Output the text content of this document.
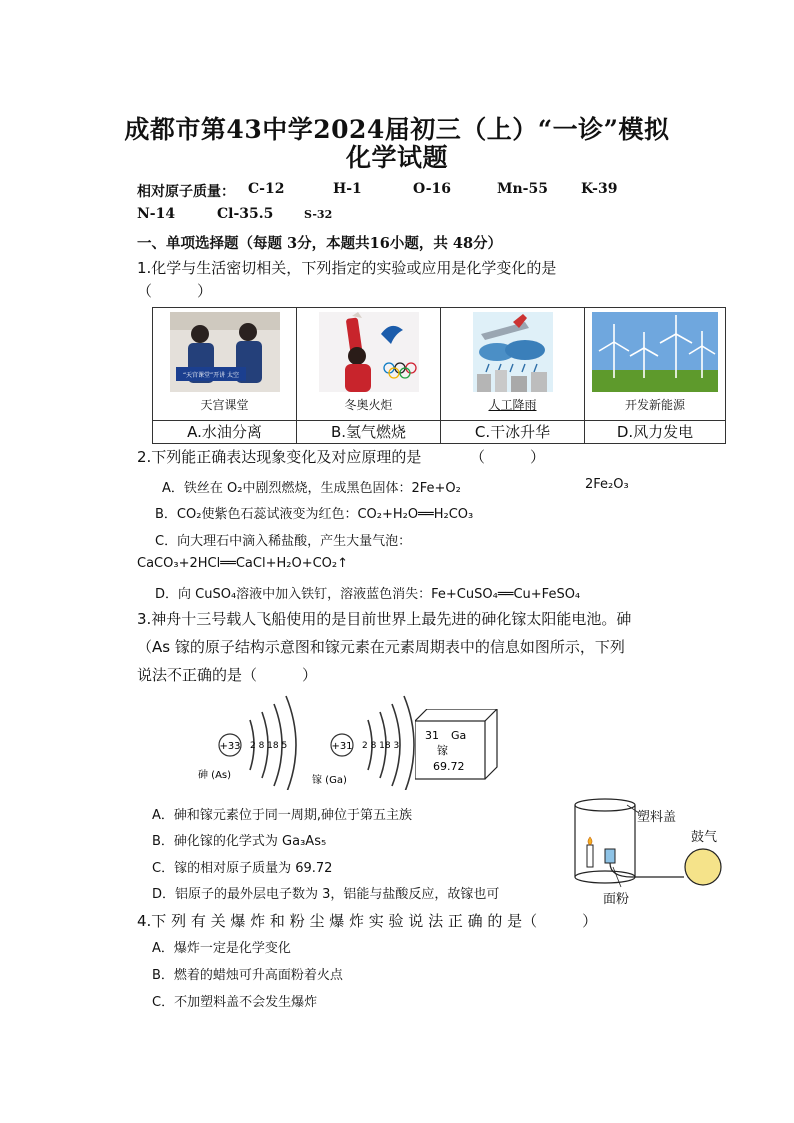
成都市第43中学2024届初三（上）“一诊”模拟
化学试题
相对原子质量： C-12	H-1	O-16	Mn-55 K-39
N-14	Cl-35.5	S-32
一、单项选择题（每题 3分，本题共16小题，共 48分）
1.化学与生活密切相关，下列指定的实验或应用是化学变化的是
（　　　）
“天宫课堂”开讲 太空
天宫课堂	冬奥火炬	人工降雨	开发新能源

A.水油分离	B.氢气燃烧	C.干冰升华	D.风力发电
2.下列能正确表达现象变化及对应原理的是	（　　　）
A．铁丝在 O₂中剧烈燃烧，生成黑色固体：2Fe+O₂	2Fe₂O₃
B．CO₂使紫色石蕊试液变为红色：CO₂+H₂O══H₂CO₃
C．向大理石中滴入稀盐酸，产生大量气泡：
CaCO₃+2HCl══CaCl+H₂O+CO₂↑
D．向 CuSO₄溶液中加入铁钉，溶液蓝色消失：Fe+CuSO₄══Cu+FeSO₄
3.神舟十三号载人飞船使用的是目前世界上最先进的砷化镓太阳能电池。砷
（As 镓的原子结构示意图和镓元素在元素周期表中的信息如图所示，下列
说法不正确的是（　　　）
+33 2 8 18 5
砷 (As)
+31 2 8 18 3
镓 (Ga)
31 Ga
镓
69.72
A．砷和镓元素位于同一周期,砷位于第五主族
B．砷化镓的化学式为 Ga₃As₅
C．镓的相对原子质量为 69.72
D．铝原子的最外层电子数为 3，铝能与盐酸反应，故镓也可
塑料盖
鼓气
面粉
4.下 列 有 关 爆 炸 和 粉 尘 爆 炸 实 验 说 法 正 确 的 是（　　　）
A．爆炸一定是化学变化
B．燃着的蜡烛可升高面粉着火点
C．不加塑料盖不会发生爆炸
